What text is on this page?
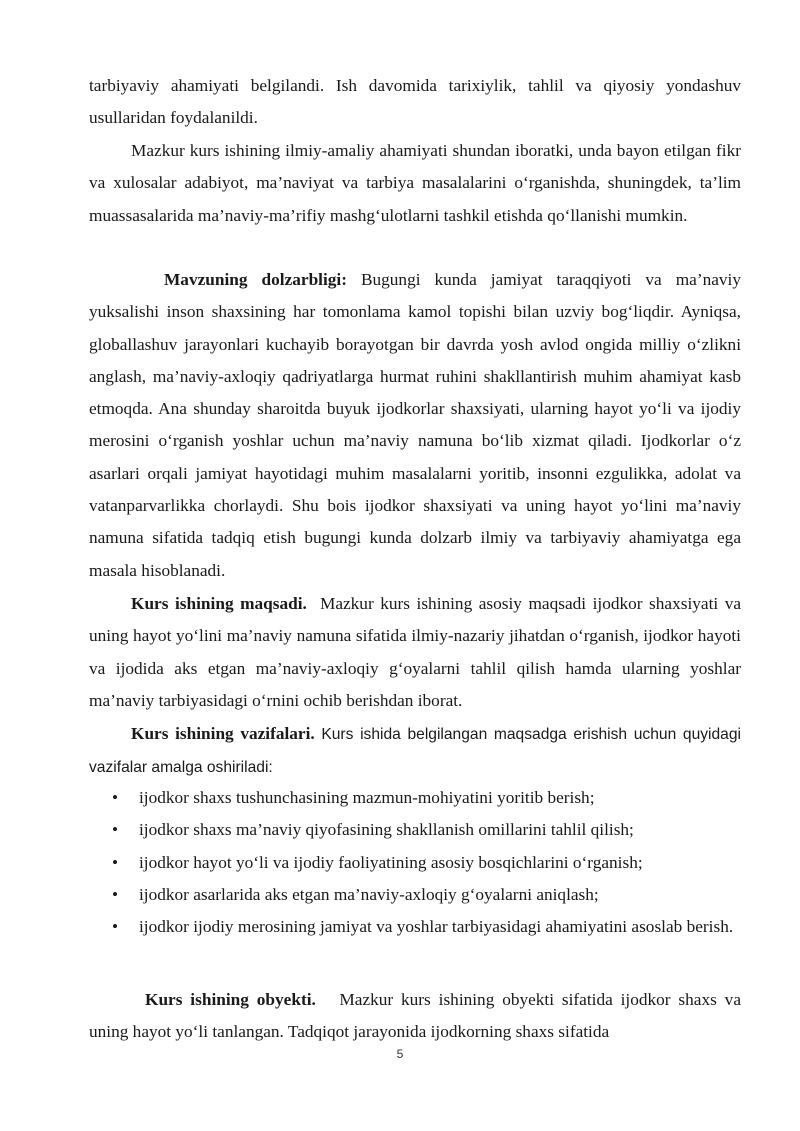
tarbiyaviy ahamiyati belgilandi. Ish davomida tarixiylik, tahlil va qiyosiy yondashuv usullaridan foydalanildi.
Mazkur kurs ishining ilmiy-amaliy ahamiyati shundan iboratki, unda bayon etilgan fikr va xulosalar adabiyot, ma’naviyat va tarbiya masalalarini o‘rganishda, shuningdek, ta’lim muassasalarida ma’naviy-ma’rifiy mashg‘ulotlarni tashkil etishda qo‘llanishi mumkin.
Mavzuning dolzarbligi: Bugungi kunda jamiyat taraqqiyoti va ma’naviy yuksalishi inson shaxsining har tomonlama kamol topishi bilan uzviy bog‘liqdir. Ayniqsa, globallashuv jarayonlari kuchayib borayotgan bir davrda yosh avlod ongida milliy o‘zlikni anglash, ma’naviy-axloqiy qadriyatlarga hurmat ruhini shakllantirish muhim ahamiyat kasb etmoqda. Ana shunday sharoitda buyuk ijodkorlar shaxsiyati, ularning hayot yo‘li va ijodiy merosini o‘rganish yoshlar uchun ma’naviy namuna bo‘lib xizmat qiladi. Ijodkorlar o‘z asarlari orqali jamiyat hayotidagi muhim masalalarni yoritib, insonni ezgulikka, adolat va vatanparvarlikka chorlaydi. Shu bois ijodkor shaxsiyati va uning hayot yo‘lini ma’naviy namuna sifatida tadqiq etish bugungi kunda dolzarb ilmiy va tarbiyaviy ahamiyatga ega masala hisoblanadi.
Kurs ishining maqsadi. Mazkur kurs ishining asosiy maqsadi ijodkor shaxsiyati va uning hayot yo‘lini ma’naviy namuna sifatida ilmiy-nazariy jihatdan o‘rganish, ijodkor hayoti va ijodida aks etgan ma’naviy-axloqiy g‘oyalarni tahlil qilish hamda ularning yoshlar ma’naviy tarbiyasidagi o‘rnini ochib berishdan iborat.
Kurs ishining vazifalari. Kurs ishida belgilangan maqsadga erishish uchun quyidagi vazifalar amalga oshiriladi:
• ijodkor shaxs tushunchasining mazmun-mohiyatini yoritib berish;
• ijodkor shaxs ma’naviy qiyofasining shakllanish omillarini tahlil qilish;
• ijodkor hayot yo‘li va ijodiy faoliyatining asosiy bosqichlarini o‘rganish;
• ijodkor asarlarida aks etgan ma’naviy-axloqiy g‘oyalarni aniqlash;
• ijodkor ijodiy merosining jamiyat va yoshlar tarbiyasidagi ahamiyatini asoslab berish.
Kurs ishining obyekti. Mazkur kurs ishining obyekti sifatida ijodkor shaxs va uning hayot yo‘li tanlangan. Tadqiqot jarayonida ijodkorning shaxs sifatida
5
